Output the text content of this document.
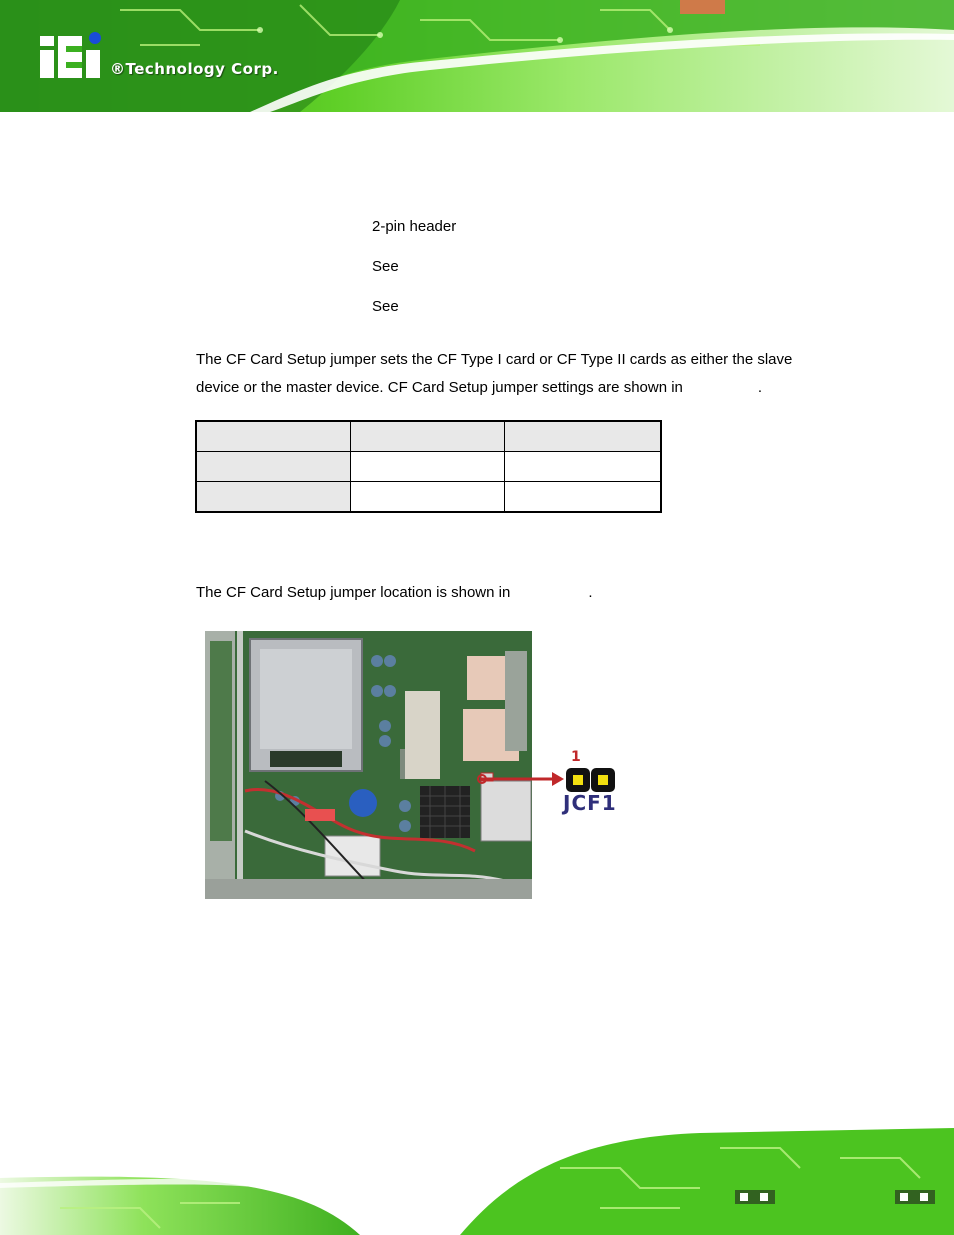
®Technology Corp.
2-pin header
See
See
The CF Card Setup jumper sets the CF Type I card or CF Type II cards as either the slave
device or the master device. CF Card Setup jumper settings are shown in	.

The CF Card Setup jumper location is shown in	.
1
JCF1
